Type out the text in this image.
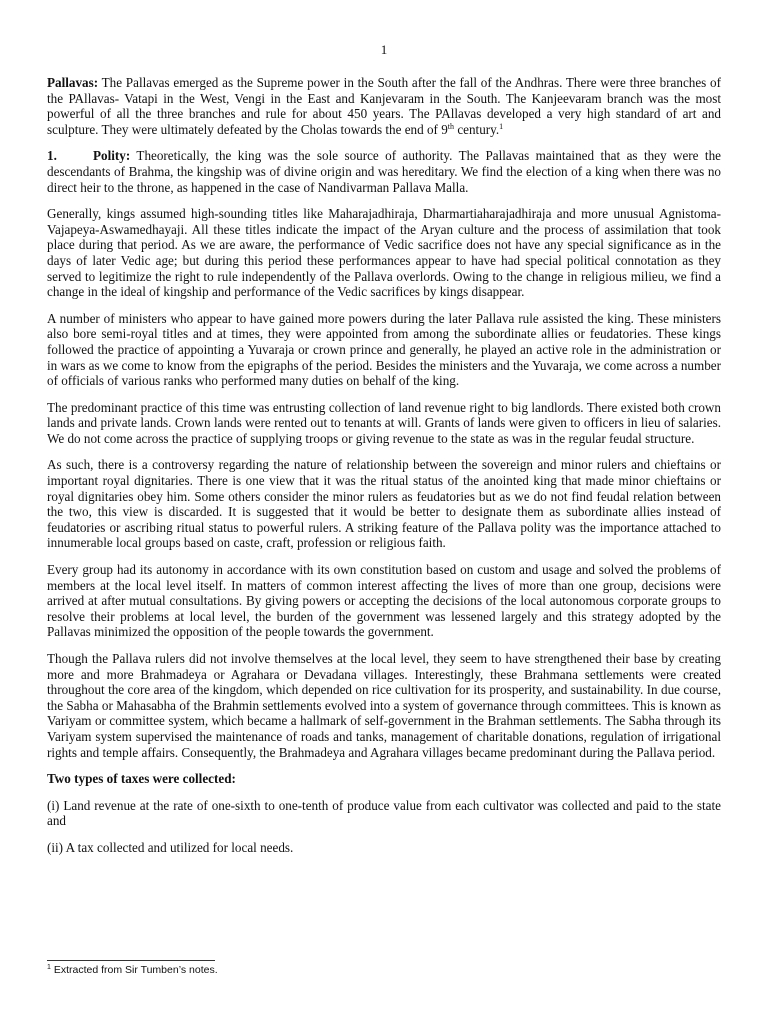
1

Pallavas: The Pallavas emerged as the Supreme power in the South after the fall of the Andhras. There were three branches of the PAllavas- Vatapi in the West, Vengi in the East and Kanjevaram in the South. The Kanjeevaram branch was the most powerful of all the three branches and rule for about 450 years. The PAllavas developed a very high standard of art and sculpture. They were ultimately defeated by the Cholas towards the end of 9th century.$^1$

1.	Polity: Theoretically, the king was the sole source of authority. The Pallavas maintained that as they were the descendants of Brahma, the kingship was of divine origin and was hereditary. We find the election of a king when there was no direct heir to the throne, as happened in the case of Nandivarman Pallava Malla.

Generally, kings assumed high-sounding titles like Maharajadhiraja, Dharmartiaharajadhiraja and more unusual Agnistoma-Vajapeya-Aswamedhayaji. All these titles indicate the impact of the Aryan culture and the process of assimilation that took place during that period. As we are aware, the performance of Vedic sacrifice does not have any special significance as in the days of later Vedic age; but during this period these performances appear to have had special political connotation as they served to legitimize the right to rule independently of the Pallava overlords. Owing to the change in religious milieu, we find a change in the ideal of kingship and performance of the Vedic sacrifices by kings disappear.

A number of ministers who appear to have gained more powers during the later Pallava rule assisted the king. These ministers also bore semi-royal titles and at times, they were appointed from among the subordinate allies or feudatories. These kings followed the practice of appointing a Yuvaraja or crown prince and generally, he played an active role in the administration or in wars as we come to know from the epigraphs of the period. Besides the ministers and the Yuvaraja, we come across a number of officials of various ranks who performed many duties on behalf of the king.

The predominant practice of this time was entrusting collection of land revenue right to big landlords. There existed both crown lands and private lands. Crown lands were rented out to tenants at will. Grants of lands were given to officers in lieu of salaries. We do not come across the practice of supplying troops or giving revenue to the state as was in the regular feudal structure.

As such, there is a controversy regarding the nature of relationship between the sovereign and minor rulers and chieftains or important royal dignitaries. There is one view that it was the ritual status of the anointed king that made minor chieftains or royal dignitaries obey him. Some others consider the minor rulers as feudatories but as we do not find feudal relation between the two, this view is discarded. It is suggested that it would be better to designate them as subordinate allies instead of feudatories or ascribing ritual status to powerful rulers. A striking feature of the Pallava polity was the importance attached to innumerable local groups based on caste, craft, profession or religious faith.

Every group had its autonomy in accordance with its own constitution based on custom and usage and solved the problems of members at the local level itself. In matters of common interest affecting the lives of more than one group, decisions were arrived at after mutual consultations. By giving powers or accepting the decisions of the local autonomous corporate groups to resolve their problems at local level, the burden of the government was lessened largely and this strategy adopted by the Pallavas minimized the opposition of the people towards the government.

Though the Pallava rulers did not involve themselves at the local level, they seem to have strengthened their base by creating more and more Brahmadeya or Agrahara or Devadana villages. Interestingly, these Brahmana settlements were created throughout the core area of the kingdom, which depended on rice cultivation for its prosperity, and sustainability. In due course, the Sabha or Mahasabha of the Brahmin settlements evolved into a system of governance through committees. This is known as Variyam or committee system, which became a hallmark of self-government in the Brahman settlements. The Sabha through its Variyam system supervised the maintenance of roads and tanks, management of charitable donations, regulation of irrigational rights and temple affairs. Consequently, the Brahmadeya and Agrahara villages became predominant during the Pallava period.

Two types of taxes were collected:

(i) Land revenue at the rate of one-sixth to one-tenth of produce value from each cultivator was collected and paid to the state and

(ii) A tax collected and utilized for local needs.

$^1$ Extracted from Sir Tumben’s notes.
